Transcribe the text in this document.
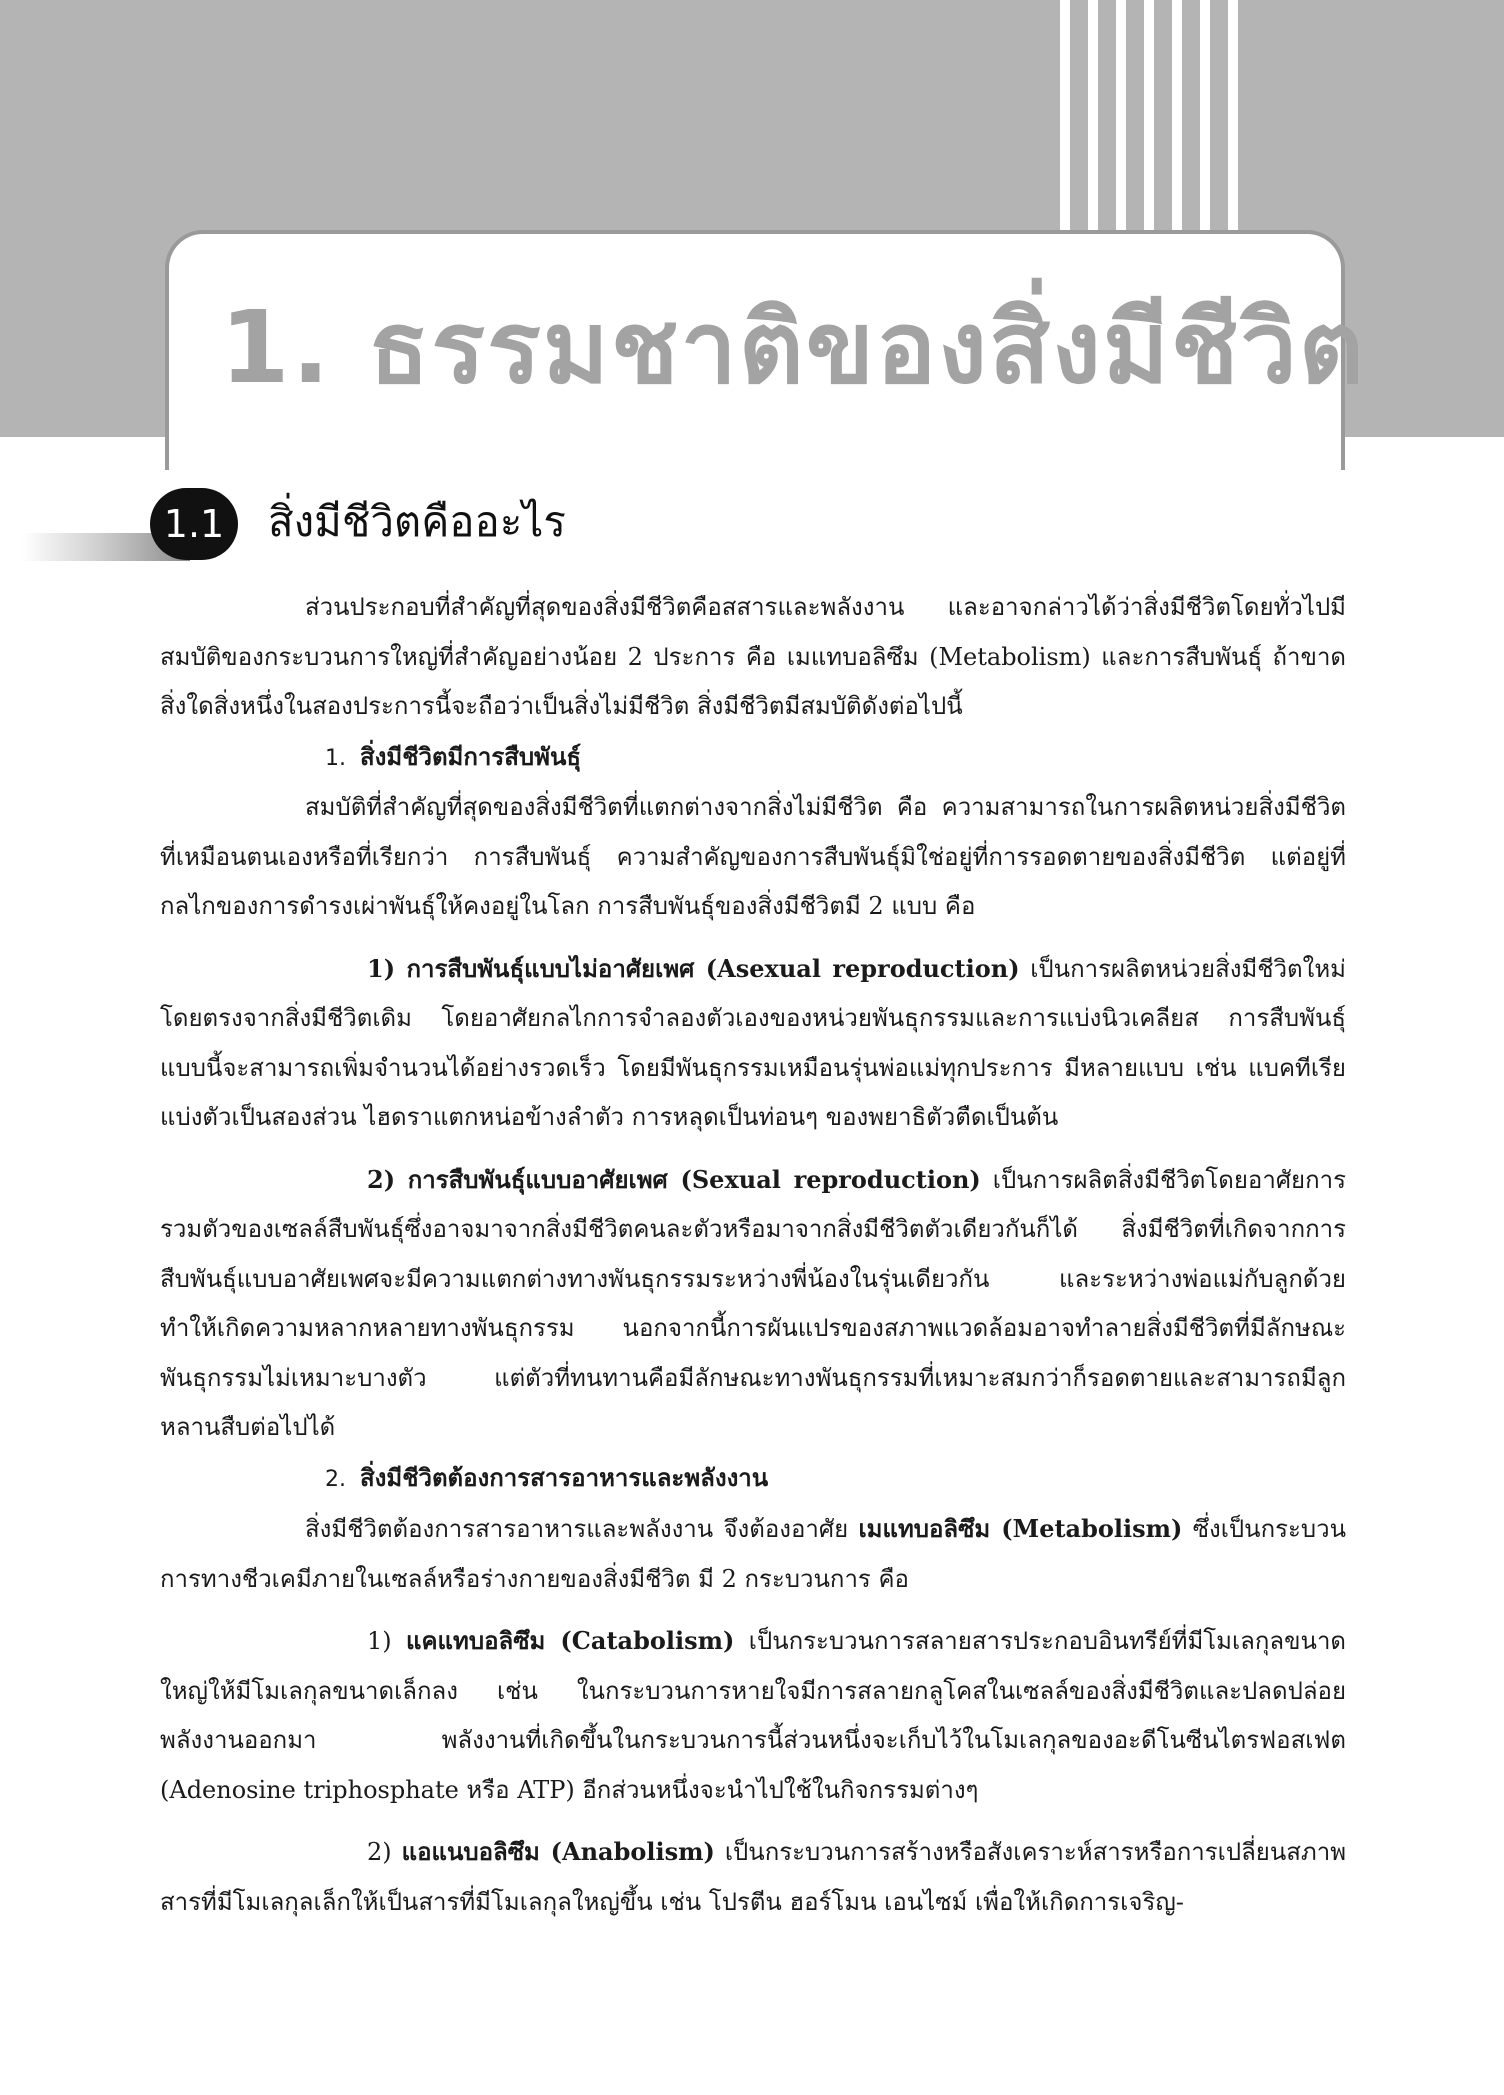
1. ธรรมชาติของสิ่งมีชีวิต
1.1	สิ่งมีชีวิตคืออะไร

ส่วนประกอบที่สำคัญที่สุดของสิ่งมีชีวิตคือสสารและพลังงาน และอาจกล่าวได้ว่าสิ่งมีชีวิตโดยทั่วไปมีสมบัติของกระบวนการใหญ่ที่สำคัญอย่างน้อย 2 ประการ คือ เมแทบอลิซึม (Metabolism) และการสืบพันธุ์ ถ้าขาดสิ่งใดสิ่งหนึ่งในสองประการนี้จะถือว่าเป็นสิ่งไม่มีชีวิต สิ่งมีชีวิตมีสมบัติดังต่อไปนี้

1. สิ่งมีชีวิตมีการสืบพันธุ์

สมบัติที่สำคัญที่สุดของสิ่งมีชีวิตที่แตกต่างจากสิ่งไม่มีชีวิต คือ ความสามารถในการผลิตหน่วยสิ่งมีชีวิตที่เหมือนตนเองหรือที่เรียกว่า การสืบพันธุ์ ความสำคัญของการสืบพันธุ์มิใช่อยู่ที่การรอดตายของสิ่งมีชีวิต แต่อยู่ที่กลไกของการดำรงเผ่าพันธุ์ให้คงอยู่ในโลก การสืบพันธุ์ของสิ่งมีชีวิตมี 2 แบบ คือ

1) การสืบพันธุ์แบบไม่อาศัยเพศ (Asexual reproduction) เป็นการผลิตหน่วยสิ่งมีชีวิตใหม่โดยตรงจากสิ่งมีชีวิตเดิม โดยอาศัยกลไกการจำลองตัวเองของหน่วยพันธุกรรมและการแบ่งนิวเคลียส การสืบพันธุ์แบบนี้จะสามารถเพิ่มจำนวนได้อย่างรวดเร็ว โดยมีพันธุกรรมเหมือนรุ่นพ่อแม่ทุกประการ มีหลายแบบ เช่น แบคทีเรียแบ่งตัวเป็นสองส่วน ไฮดราแตกหน่อข้างลำตัว การหลุดเป็นท่อนๆ ของพยาธิตัวตืดเป็นต้น

2) การสืบพันธุ์แบบอาศัยเพศ (Sexual reproduction) เป็นการผลิตสิ่งมีชีวิตโดยอาศัยการรวมตัวของเซลล์สืบพันธุ์ซึ่งอาจมาจากสิ่งมีชีวิตคนละตัวหรือมาจากสิ่งมีชีวิตตัวเดียวกันก็ได้ สิ่งมีชีวิตที่เกิดจากการสืบพันธุ์แบบอาศัยเพศจะมีความแตกต่างทางพันธุกรรมระหว่างพี่น้องในรุ่นเดียวกัน และระหว่างพ่อแม่กับลูกด้วย ทำให้เกิดความหลากหลายทางพันธุกรรม นอกจากนี้การผันแปรของสภาพแวดล้อมอาจทำลายสิ่งมีชีวิตที่มีลักษณะพันธุกรรมไม่เหมาะบางตัว แต่ตัวที่ทนทานคือมีลักษณะทางพันธุกรรมที่เหมาะสมกว่าก็รอดตายและสามารถมีลูกหลานสืบต่อไปได้

2. สิ่งมีชีวิตต้องการสารอาหารและพลังงาน

สิ่งมีชีวิตต้องการสารอาหารและพลังงาน จึงต้องอาศัย เมแทบอลิซึม (Metabolism) ซึ่งเป็นกระบวนการทางชีวเคมีภายในเซลล์หรือร่างกายของสิ่งมีชีวิต มี 2 กระบวนการ คือ

1) แคแทบอลิซึม (Catabolism) เป็นกระบวนการสลายสารประกอบอินทรีย์ที่มีโมเลกุลขนาดใหญ่ให้มีโมเลกุลขนาดเล็กลง เช่น ในกระบวนการหายใจมีการสลายกลูโคสในเซลล์ของสิ่งมีชีวิตและปลดปล่อยพลังงานออกมา พลังงานที่เกิดขึ้นในกระบวนการนี้ส่วนหนึ่งจะเก็บไว้ในโมเลกุลของอะดีโนซีนไตรฟอสเฟต (Adenosine triphosphate หรือ ATP) อีกส่วนหนึ่งจะนำไปใช้ในกิจกรรมต่างๆ

2) แอแนบอลิซึม (Anabolism) เป็นกระบวนการสร้างหรือสังเคราะห์สารหรือการเปลี่ยนสภาพสารที่มีโมเลกุลเล็กให้เป็นสารที่มีโมเลกุลใหญ่ขึ้น เช่น โปรตีน ฮอร์โมน เอนไซม์ เพื่อให้เกิดการเจริญ-
